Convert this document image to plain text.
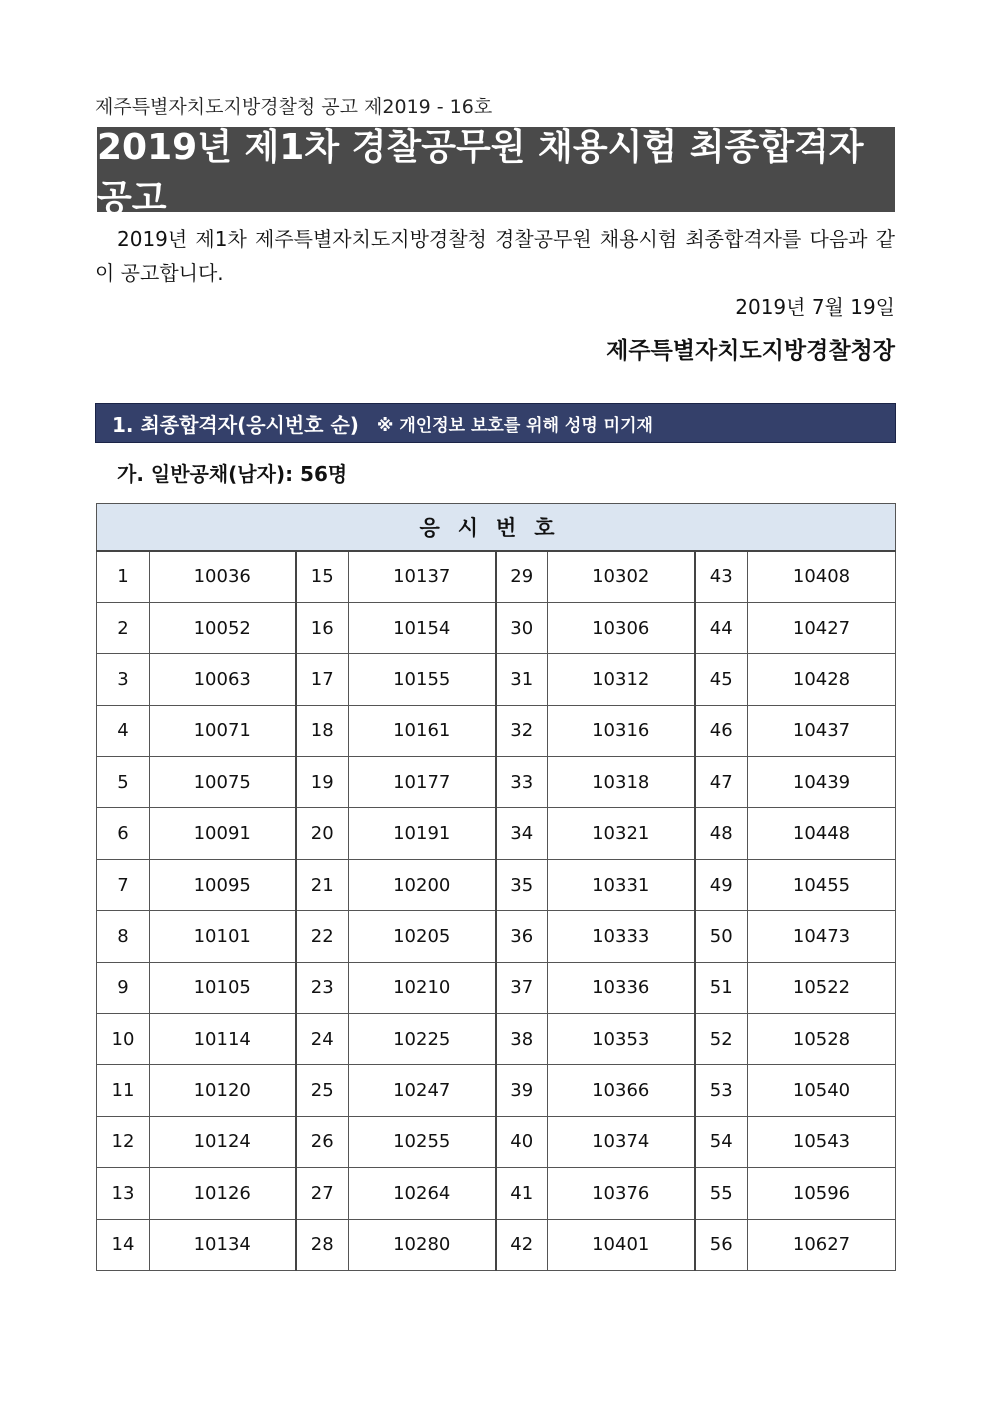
제주특별자치도지방경찰청 공고 제2019 - 16호
2019년 제1차 경찰공무원 채용시험 최종합격자 공고
2019년 제1차 제주특별자치도지방경찰청 경찰공무원 채용시험 최종합격자를 다음과 같이 공고합니다.
2019년 7월 19일
제주특별자치도지방경찰청장
1. 최종합격자(응시번호 순) ※ 개인정보 보호를 위해 성명 미기재
가. 일반공채(남자): 56명
응시번호							
1	10036	15	10137	29	10302	43	10408
2	10052	16	10154	30	10306	44	10427
3	10063	17	10155	31	10312	45	10428
4	10071	18	10161	32	10316	46	10437
5	10075	19	10177	33	10318	47	10439
6	10091	20	10191	34	10321	48	10448
7	10095	21	10200	35	10331	49	10455
8	10101	22	10205	36	10333	50	10473
9	10105	23	10210	37	10336	51	10522
10	10114	24	10225	38	10353	52	10528
11	10120	25	10247	39	10366	53	10540
12	10124	26	10255	40	10374	54	10543
13	10126	27	10264	41	10376	55	10596
14	10134	28	10280	42	10401	56	10627
